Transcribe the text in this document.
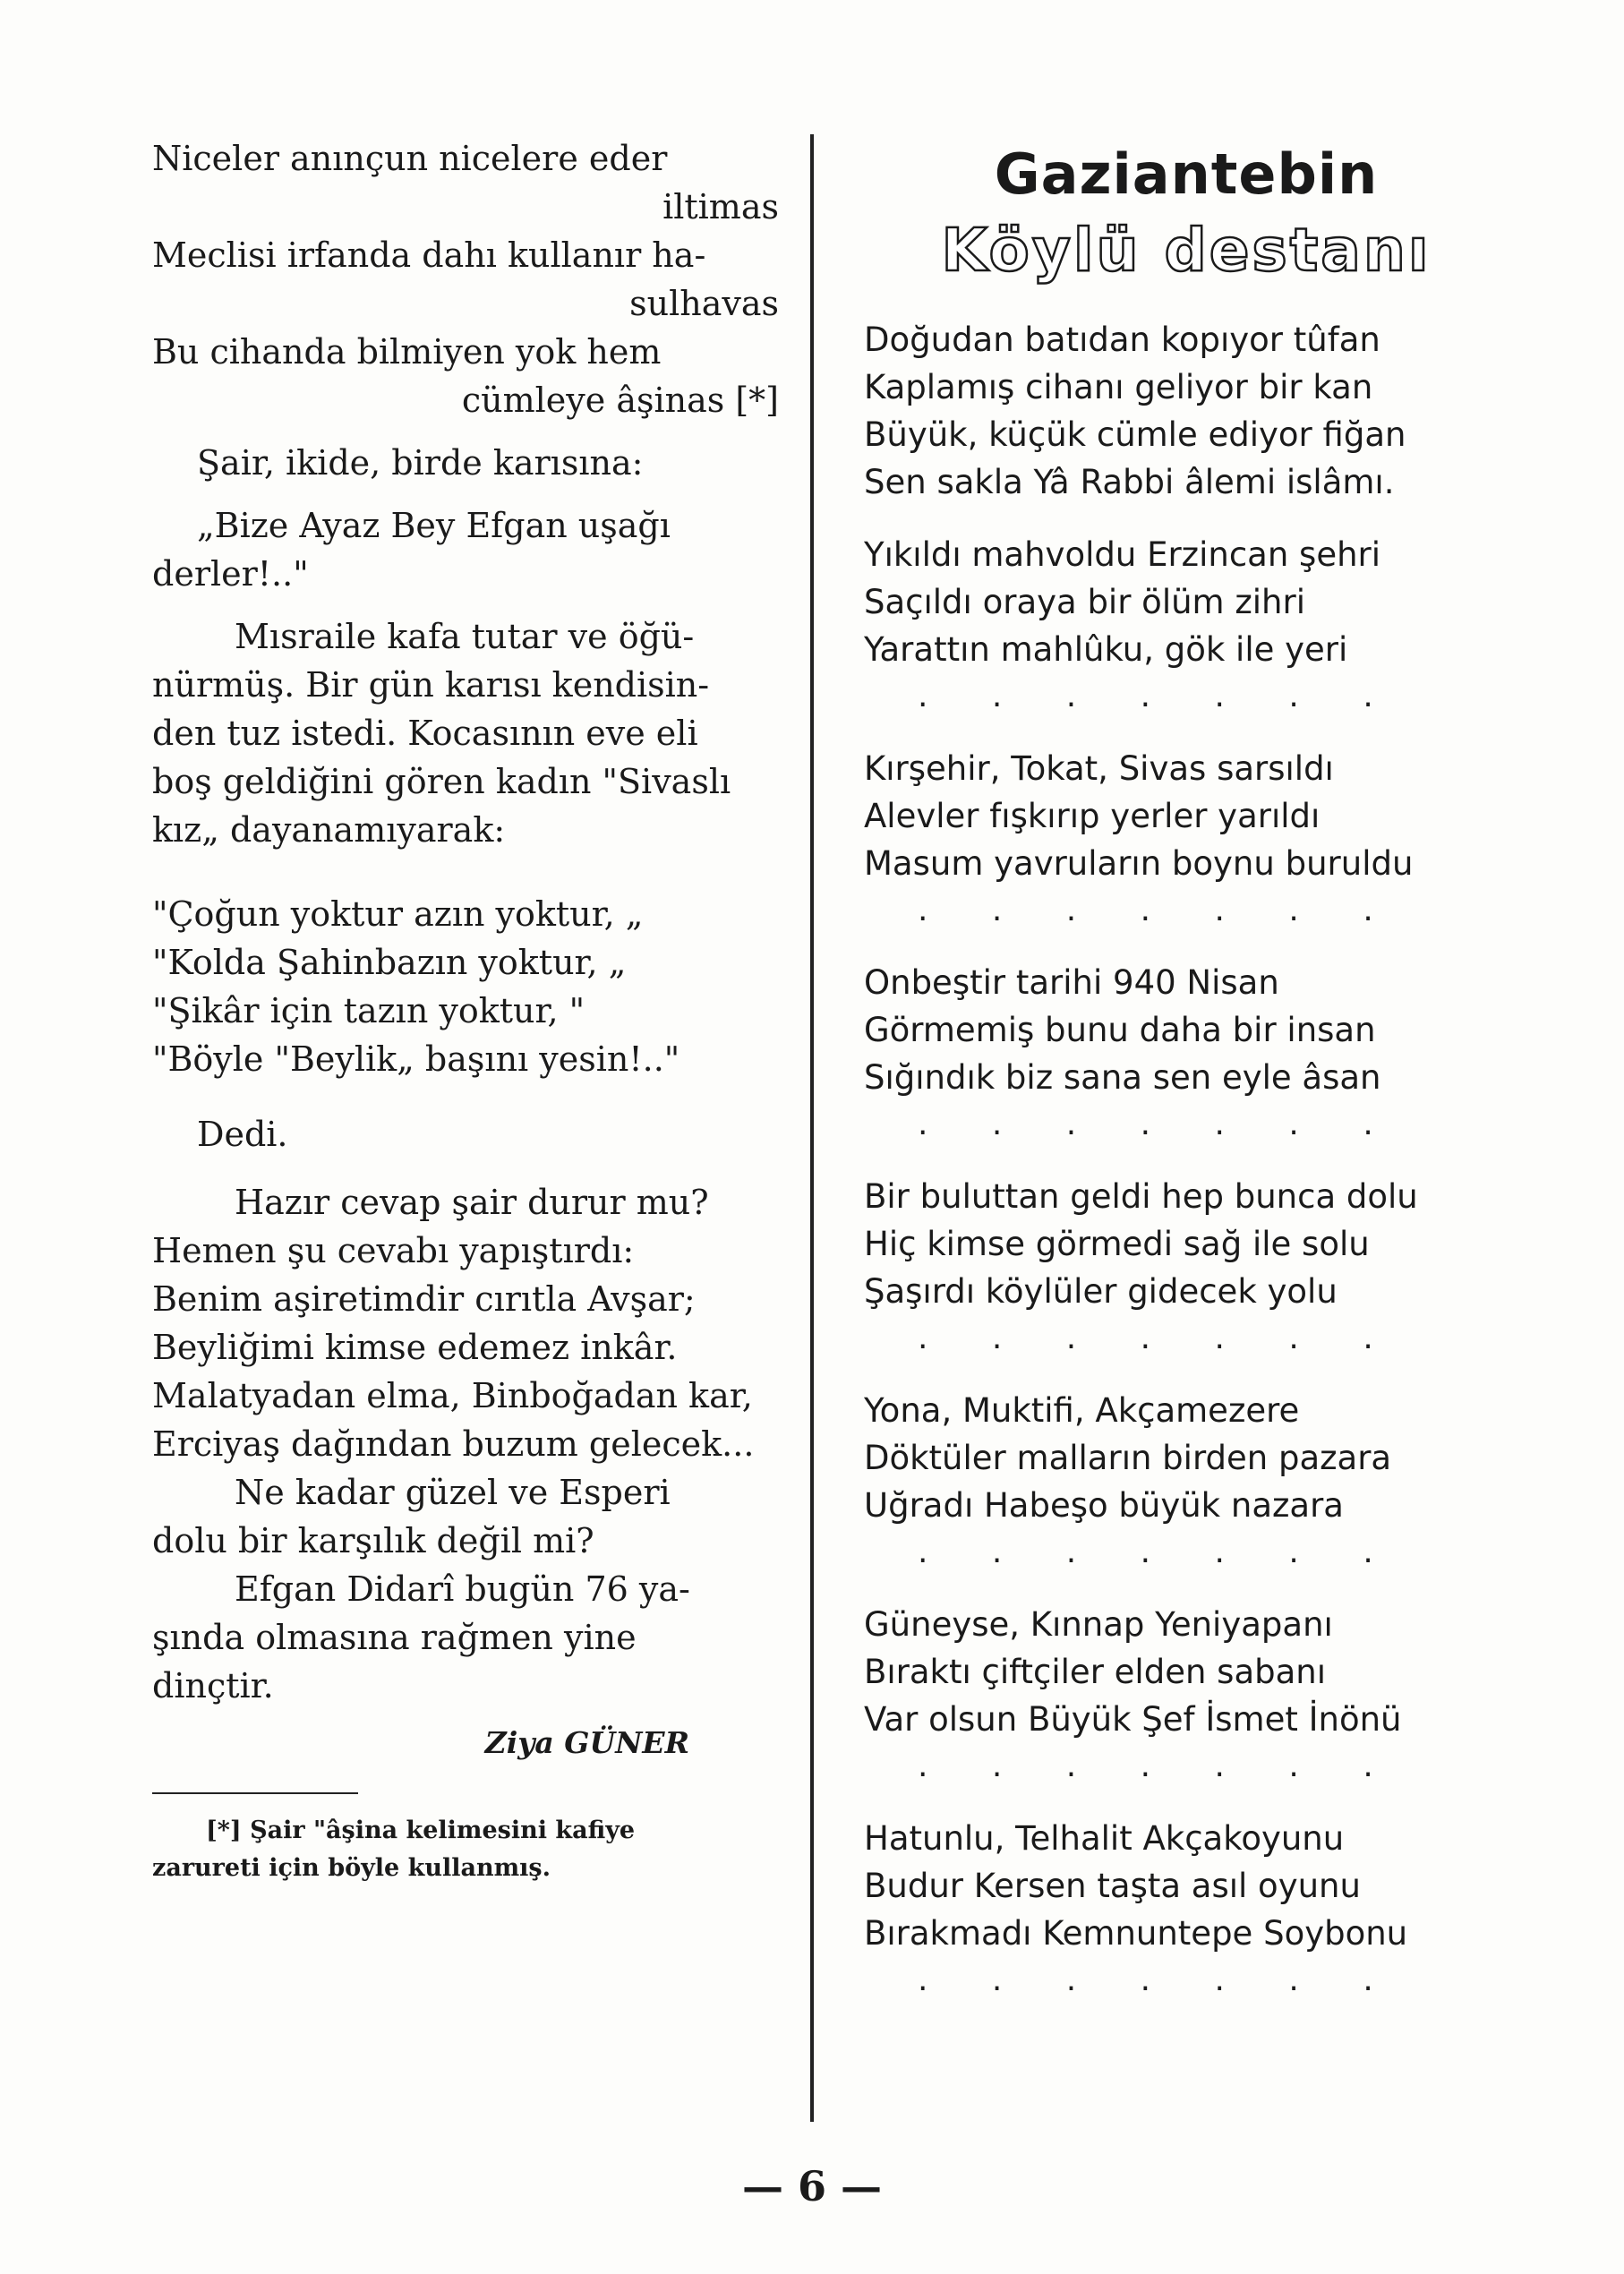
Niceler anınçun nicelere eder
iltimas
Meclisi irfanda dahı kullanır ha-
sulhavas
Bu cihanda bilmiyen yok hem
cümleye âşinas [*]
Şair, ikide, birde karısına:
„Bize Ayaz Bey Efgan uşağı
derler!.."
Mısraile kafa tutar ve öğü-
nürmüş. Bir gün karısı kendisin-
den tuz istedi. Kocasının eve eli
boş geldiğini gören kadın "Sivaslı
kız„ dayanamıyarak:
"Çoğun yoktur azın yoktur, „
"Kolda Şahinbazın yoktur, „
"Şikâr için tazın yoktur, "
"Böyle "Beylik„ başını yesin!.."
Dedi.
Hazır cevap şair durur mu?
Hemen şu cevabı yapıştırdı:
Benim aşiretimdir cırıtla Avşar;
Beyliğimi kimse edemez inkâr.
Malatyadan elma, Binboğadan kar,
Erciyaş dağından buzum gelecek...
Ne kadar güzel ve Esperi
dolu bir karşılık değil mi?
Efgan Didarî bugün 76 ya-
şında olmasına rağmen yine
dinçtir.
Ziya GÜNER
[*] Şair "âşina kelimesini kafiye
zarureti için böyle kullanmış.
Gaziantebin
Köylü destanı
Doğudan batıdan kopıyor tûfan
Kaplamış cihanı geliyor bir kan
Büyük, küçük cümle ediyor fiğan
Sen sakla Yâ Rabbi âlemi islâmı.
Yıkıldı mahvoldu Erzincan şehri
Saçıldı oraya bir ölüm zihri
Yarattın mahlûku, gök ile yeri
. . . . . . .
Kırşehir, Tokat, Sivas sarsıldı
Alevler fışkırıp yerler yarıldı
Masum yavruların boynu buruldu
. . . . . . .
Onbeştir tarihi 940 Nisan
Görmemiş bunu daha bir insan
Sığındık biz sana sen eyle âsan
. . . . . . .
Bir buluttan geldi hep bunca dolu
Hiç kimse görmedi sağ ile solu
Şaşırdı köylüler gidecek yolu
. . . . . . .
Yona, Muktifi, Akçamezere
Döktüler malların birden pazara
Uğradı Habeşo büyük nazara
. . . . . . .
Güneyse, Kınnap Yeniyapanı
Bıraktı çiftçiler elden sabanı
Var olsun Büyük Şef İsmet İnönü
. . . . . . .
Hatunlu, Telhalit Akçakoyunu
Budur Kersen taşta asıl oyunu
Bırakmadı Kemnuntepe Soybonu
. . . . . . .
— 6 —
